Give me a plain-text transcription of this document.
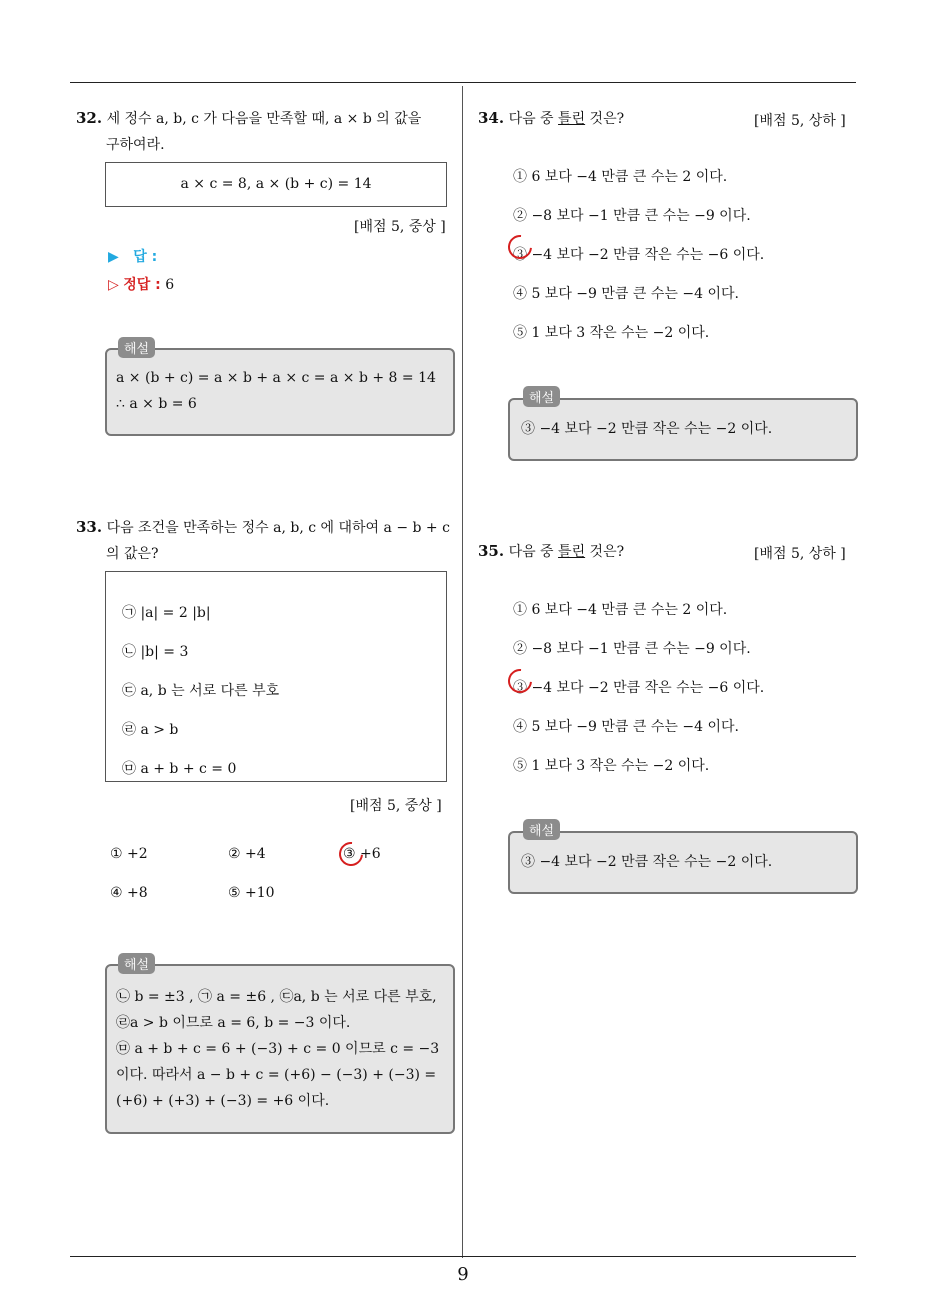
32. 세 정수 a, b, c 가 다음을 만족할 때, a × b 의 값을
구하여라.
a × c = 8, a × (b + c) = 14
[배점 5, 중상 ]
▶ 답 :
▷ 정답 : 6
해설
a × (b + c) = a × b + a × c = a × b + 8 = 14
∴ a × b = 6
33. 다음 조건을 만족하는 정수 a, b, c 에 대하여 a − b + c
의 값은?
㉠ |a| = 2 |b|
㉡ |b| = 3
㉢ a, b 는 서로 다른 부호
㉣ a > b
㉤ a + b + c = 0
[배점 5, 중상 ]
① +2	② +4	③ +6
④ +8	⑤ +10
해설
㉡ b = ±3 , ㉠ a = ±6 , ㉢a, b 는 서로 다른 부호,
㉣a > b 이므로 a = 6, b = −3 이다.
㉤ a + b + c = 6 + (−3) + c = 0 이므로 c = −3
이다. 따라서 a − b + c = (+6) − (−3) + (−3) =
(+6) + (+3) + (−3) = +6 이다.
34. 다음 중 틀린 것은?	[배점 5, 상하 ]
① 6 보다 −4 만큼 큰 수는 2 이다.
② −8 보다 −1 만큼 큰 수는 −9 이다.
③ −4 보다 −2 만큼 작은 수는 −6 이다.
④ 5 보다 −9 만큼 큰 수는 −4 이다.
⑤ 1 보다 3 작은 수는 −2 이다.
해설
③ −4 보다 −2 만큼 작은 수는 −2 이다.
35. 다음 중 틀린 것은?	[배점 5, 상하 ]
① 6 보다 −4 만큼 큰 수는 2 이다.
② −8 보다 −1 만큼 큰 수는 −9 이다.
③ −4 보다 −2 만큼 작은 수는 −6 이다.
④ 5 보다 −9 만큼 큰 수는 −4 이다.
⑤ 1 보다 3 작은 수는 −2 이다.
해설
③ −4 보다 −2 만큼 작은 수는 −2 이다.
9
